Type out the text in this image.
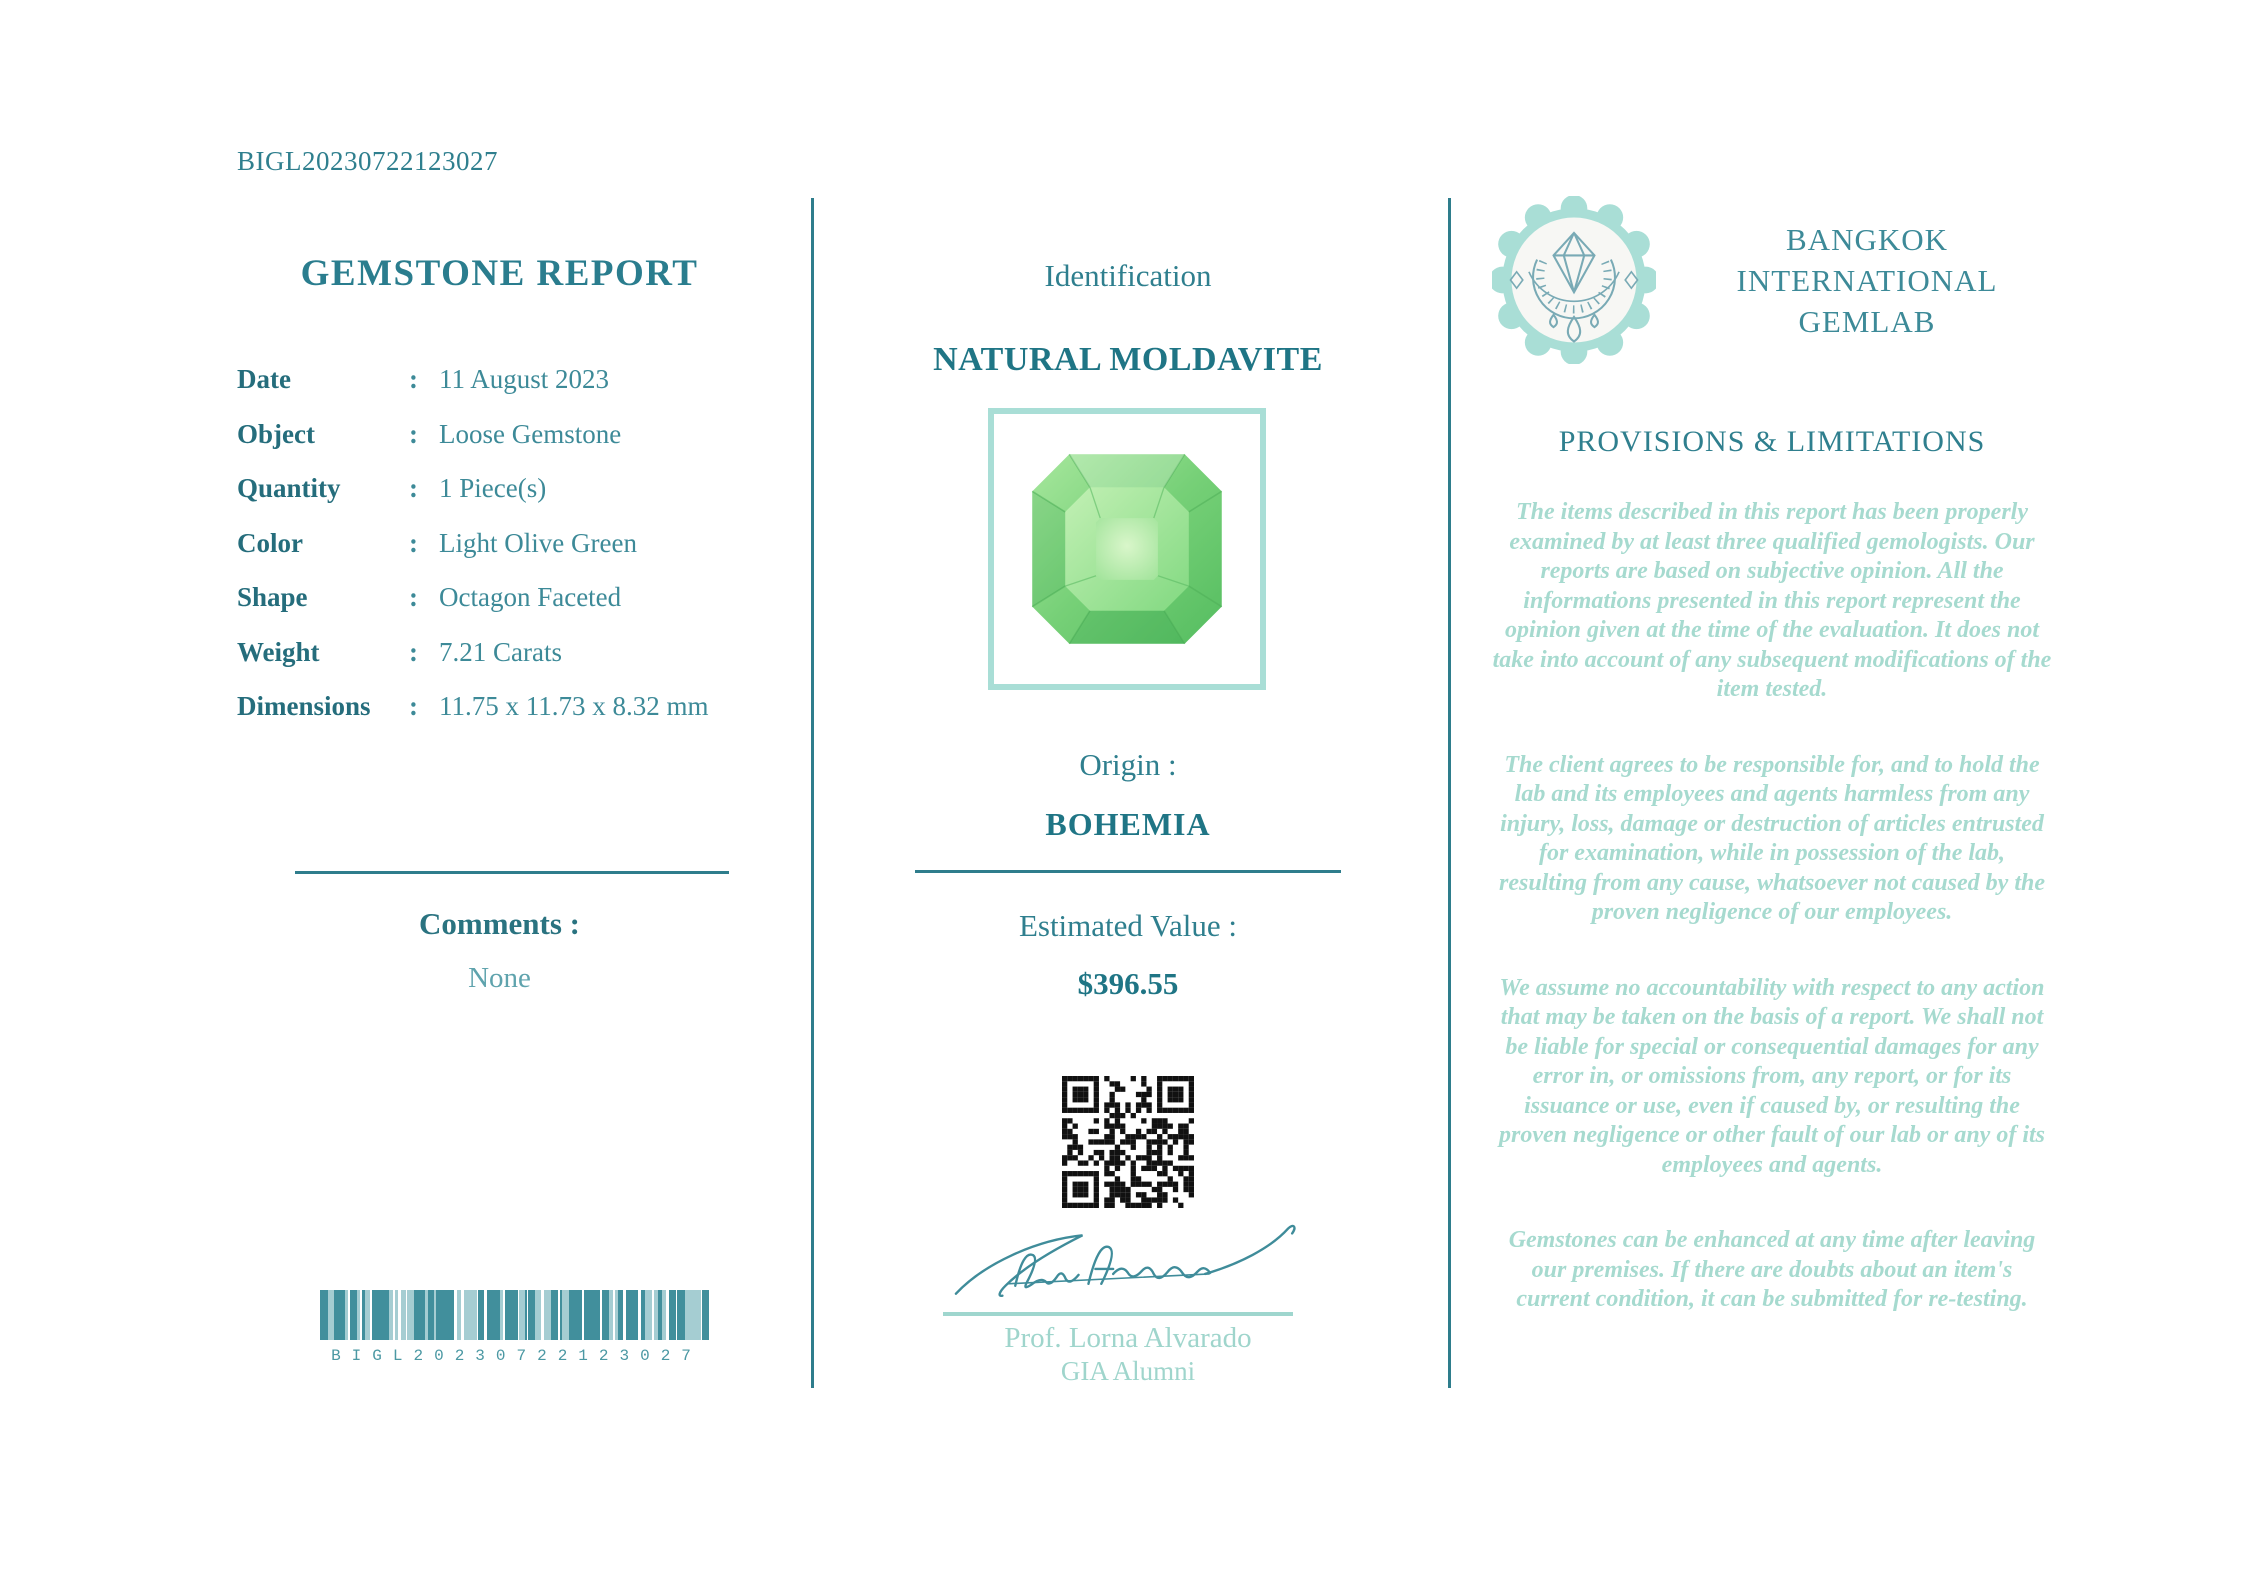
BIGL20230722123027
GEMSTONE REPORT
Date	: 11 August 2023
Object	: Loose Gemstone
Quantity	: 1 Piece(s)
Color	: Light Olive Green
Shape	: Octagon Faceted
Weight	: 7.21 Carats
Dimensions	: 11.75 x 11.73 x 8.32 mm
Comments :
None
BIGL20230722123027
Identification
NATURAL MOLDAVITE
Origin :
BOHEMIA
Estimated Value :
$396.55
Prof. Lorna Alvarado
GIA Alumni
BANGKOK
INTERNATIONAL
GEMLAB
PROVISIONS & LIMITATIONS

The items described in this report has been properly examined by at least three qualified gemologists. Our reports are based on subjective opinion. All the informations presented in this report represent the opinion given at the time of the evaluation. It does not take into account of any subsequent modifications of the item tested.

The client agrees to be responsible for, and to hold the lab and its employees and agents harmless from any injury, loss, damage or destruction of articles entrusted for examination, while in possession of the lab, resulting from any cause, whatsoever not caused by the proven negligence of our employees.

We assume no accountability with respect to any action that may be taken on the basis of a report. We shall not be liable for special or consequential damages for any error in, or omissions from, any report, or for its issuance or use, even if caused by, or resulting the proven negligence or other fault of our lab or any of its employees and agents.

Gemstones can be enhanced at any time after leaving our premises. If there are doubts about an item's current condition, it can be submitted for re-testing.
